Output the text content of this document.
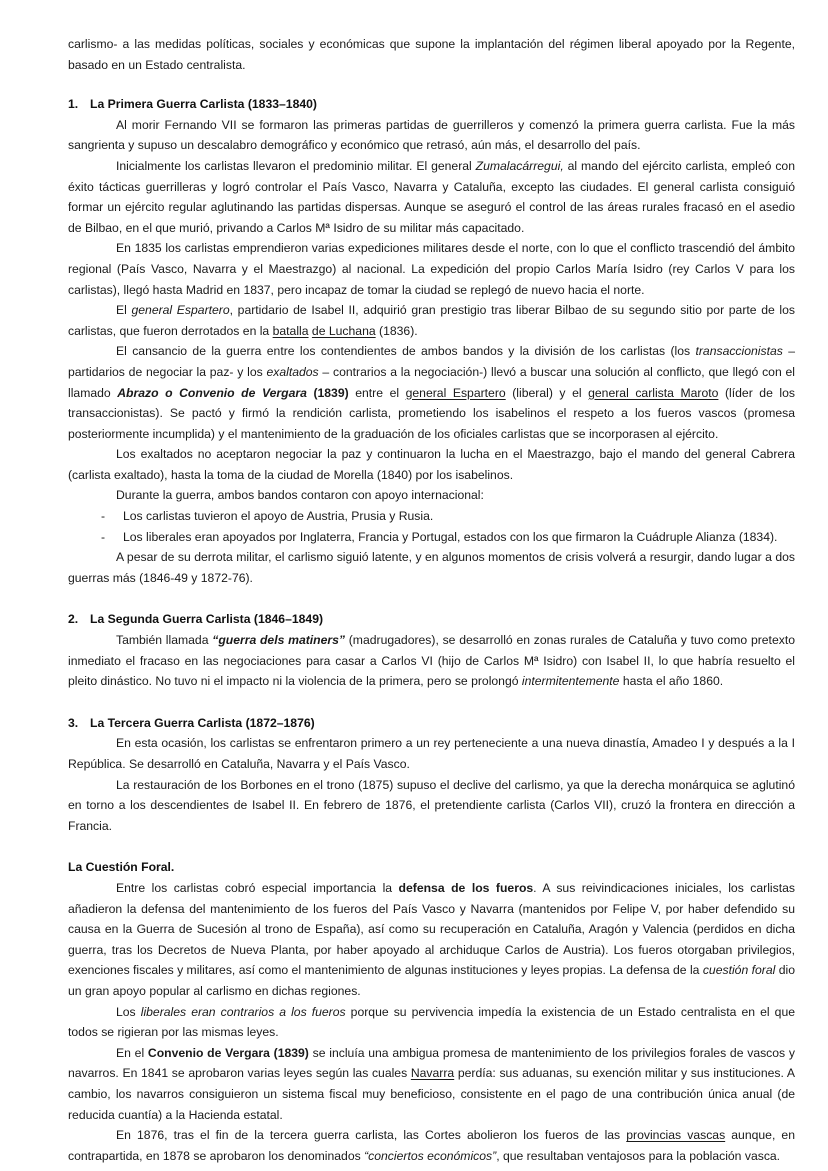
carlismo- a las medidas políticas, sociales y económicas que supone la implantación del régimen liberal apoyado por la Regente, basado en un Estado centralista.

1. La Primera Guerra Carlista (1833–1840)

Al morir Fernando VII se formaron las primeras partidas de guerrilleros y comenzó la primera guerra carlista. Fue la más sangrienta y supuso un descalabro demográfico y económico que retrasó, aún más, el desarrollo del país.

Inicialmente los carlistas llevaron el predominio militar. El general Zumalacárregui, al mando del ejército carlista, empleó con éxito tácticas guerrilleras y logró controlar el País Vasco, Navarra y Cataluña, excepto las ciudades. El general carlista consiguió formar un ejército regular aglutinando las partidas dispersas. Aunque se aseguró el control de las áreas rurales fracasó en el asedio de Bilbao, en el que murió, privando a Carlos Mª Isidro de su militar más capacitado.

En 1835 los carlistas emprendieron varias expediciones militares desde el norte, con lo que el conflicto trascendió del ámbito regional (País Vasco, Navarra y el Maestrazgo) al nacional. La expedición del propio Carlos María Isidro (rey Carlos V para los carlistas), llegó hasta Madrid en 1837, pero incapaz de tomar la ciudad se replegó de nuevo hacia el norte.

El general Espartero, partidario de Isabel II, adquirió gran prestigio tras liberar Bilbao de su segundo sitio por parte de los carlistas, que fueron derrotados en la batalla de Luchana (1836).

El cansancio de la guerra entre los contendientes de ambos bandos y la división de los carlistas (los transaccionistas – partidarios de negociar la paz- y los exaltados – contrarios a la negociación-) llevó a buscar una solución al conflicto, que llegó con el llamado Abrazo o Convenio de Vergara (1839) entre el general Espartero (liberal) y el general carlista Maroto (líder de los transaccionistas). Se pactó y firmó la rendición carlista, prometiendo los isabelinos el respeto a los fueros vascos (promesa posteriormente incumplida) y el mantenimiento de la graduación de los oficiales carlistas que se incorporasen al ejército.

Los exaltados no aceptaron negociar la paz y continuaron la lucha en el Maestrazgo, bajo el mando del general Cabrera (carlista exaltado), hasta la toma de la ciudad de Morella (1840) por los isabelinos.

Durante la guerra, ambos bandos contaron con apoyo internacional:

- Los carlistas tuvieron el apoyo de Austria, Prusia y Rusia.
- Los liberales eran apoyados por Inglaterra, Francia y Portugal, estados con los que firmaron la Cuádruple Alianza (1834).

A pesar de su derrota militar, el carlismo siguió latente, y en algunos momentos de crisis volverá a resurgir, dando lugar a dos guerras más (1846-49 y 1872-76).

2. La Segunda Guerra Carlista (1846–1849)

También llamada “guerra dels matiners” (madrugadores), se desarrolló en zonas rurales de Cataluña y tuvo como pretexto inmediato el fracaso en las negociaciones para casar a Carlos VI (hijo de Carlos Mª Isidro) con Isabel II, lo que habría resuelto el pleito dinástico. No tuvo ni el impacto ni la violencia de la primera, pero se prolongó intermitentemente hasta el año 1860.

3. La Tercera Guerra Carlista (1872–1876)

En esta ocasión, los carlistas se enfrentaron primero a un rey perteneciente a una nueva dinastía, Amadeo I y después a la I República. Se desarrolló en Cataluña, Navarra y el País Vasco.

La restauración de los Borbones en el trono (1875) supuso el declive del carlismo, ya que la derecha monárquica se aglutinó en torno a los descendientes de Isabel II. En febrero de 1876, el pretendiente carlista (Carlos VII), cruzó la frontera en dirección a Francia.

La Cuestión Foral.

Entre los carlistas cobró especial importancia la defensa de los fueros. A sus reivindicaciones iniciales, los carlistas añadieron la defensa del mantenimiento de los fueros del País Vasco y Navarra (mantenidos por Felipe V, por haber defendido su causa en la Guerra de Sucesión al trono de España), así como su recuperación en Cataluña, Aragón y Valencia (perdidos en dicha guerra, tras los Decretos de Nueva Planta, por haber apoyado al archiduque Carlos de Austria). Los fueros otorgaban privilegios, exenciones fiscales y militares, así como el mantenimiento de algunas instituciones y leyes propias. La defensa de la cuestión foral dio un gran apoyo popular al carlismo en dichas regiones.

Los liberales eran contrarios a los fueros porque su pervivencia impedía la existencia de un Estado centralista en el que todos se rigieran por las mismas leyes.

En el Convenio de Vergara (1839) se incluía una ambigua promesa de mantenimiento de los privilegios forales de vascos y navarros. En 1841 se aprobaron varias leyes según las cuales Navarra perdía: sus aduanas, su exención militar y sus instituciones. A cambio, los navarros consiguieron un sistema fiscal muy beneficioso, consistente en el pago de una contribución única anual (de reducida cuantía) a la Hacienda estatal.

En 1876, tras el fin de la tercera guerra carlista, las Cortes abolieron los fueros de las provincias vascas aunque, en contrapartida, en 1878 se aprobaron los denominados “conciertos económicos”, que resultaban ventajosos para la población vasca.
